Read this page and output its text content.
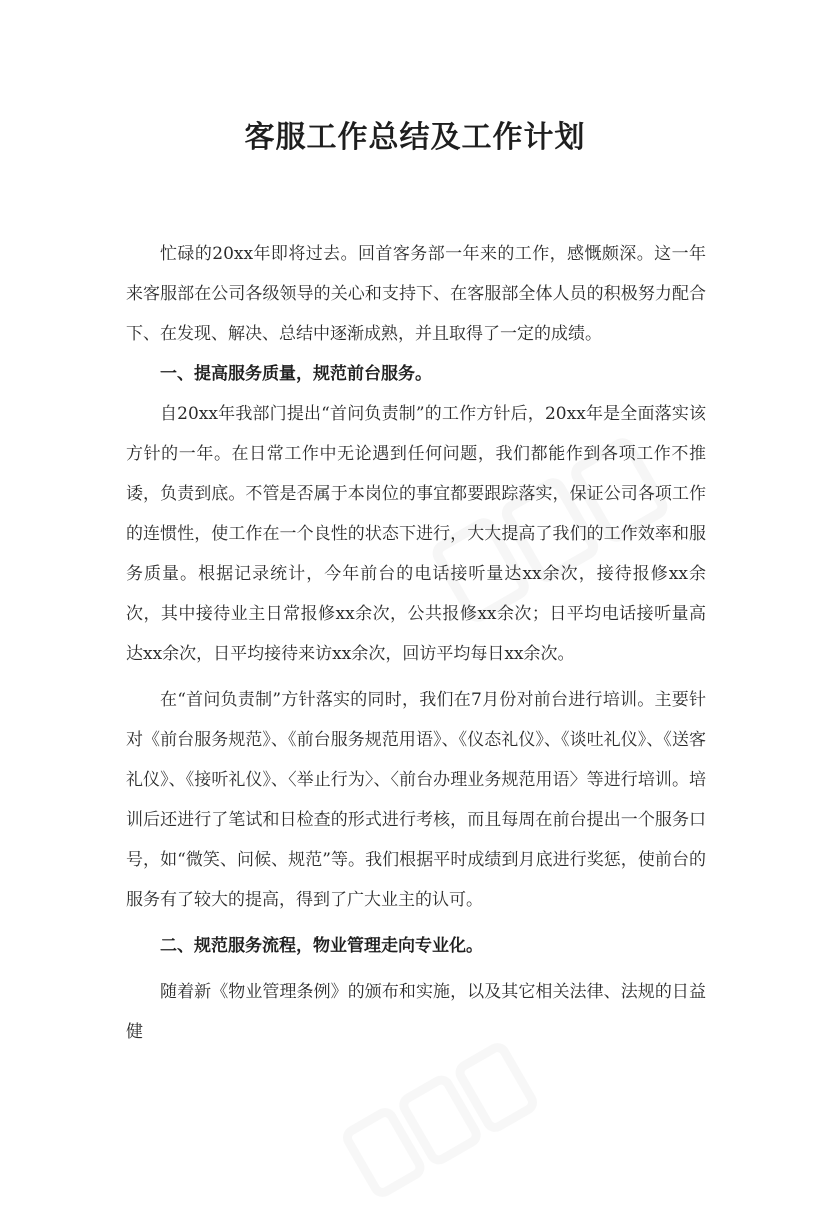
客服工作总结及工作计划

忙碌的20xx年即将过去。回首客务部一年来的工作，感慨颇深。这一年来客服部在公司各级领导的关心和支持下、在客服部全体人员的积极努力配合下、在发现、解决、总结中逐渐成熟，并且取得了一定的成绩。

一、提高服务质量，规范前台服务。

自20xx年我部门提出“首问负责制”的工作方针后，20xx年是全面落实该方针的一年。在日常工作中无论遇到任何问题，我们都能作到各项工作不推诿，负责到底。不管是否属于本岗位的事宜都要跟踪落实，保证公司各项工作的连惯性，使工作在一个良性的状态下进行，大大提高了我们的工作效率和服务质量。根据记录统计，今年前台的电话接听量达xx余次，接待报修xx余次，其中接待业主日常报修xx余次，公共报修xx余次；日平均电话接听量高达xx余次，日平均接待来访xx余次，回访平均每日xx余次。

在“首问负责制”方针落实的同时，我们在7月份对前台进行培训。主要针对《前台服务规范》、《前台服务规范用语》、《仪态礼仪》、《谈吐礼仪》、《送客礼仪》、《接听礼仪》、〈举止行为〉、〈前台办理业务规范用语〉等进行培训。培训后还进行了笔试和日检查的形式进行考核，而且每周在前台提出一个服务口号，如“微笑、问候、规范”等。我们根据平时成绩到月底进行奖惩，使前台的服务有了较大的提高，得到了广大业主的认可。

二、规范服务流程，物业管理走向专业化。

随着新《物业管理条例》的颁布和实施，以及其它相关法律、法规的日益健
